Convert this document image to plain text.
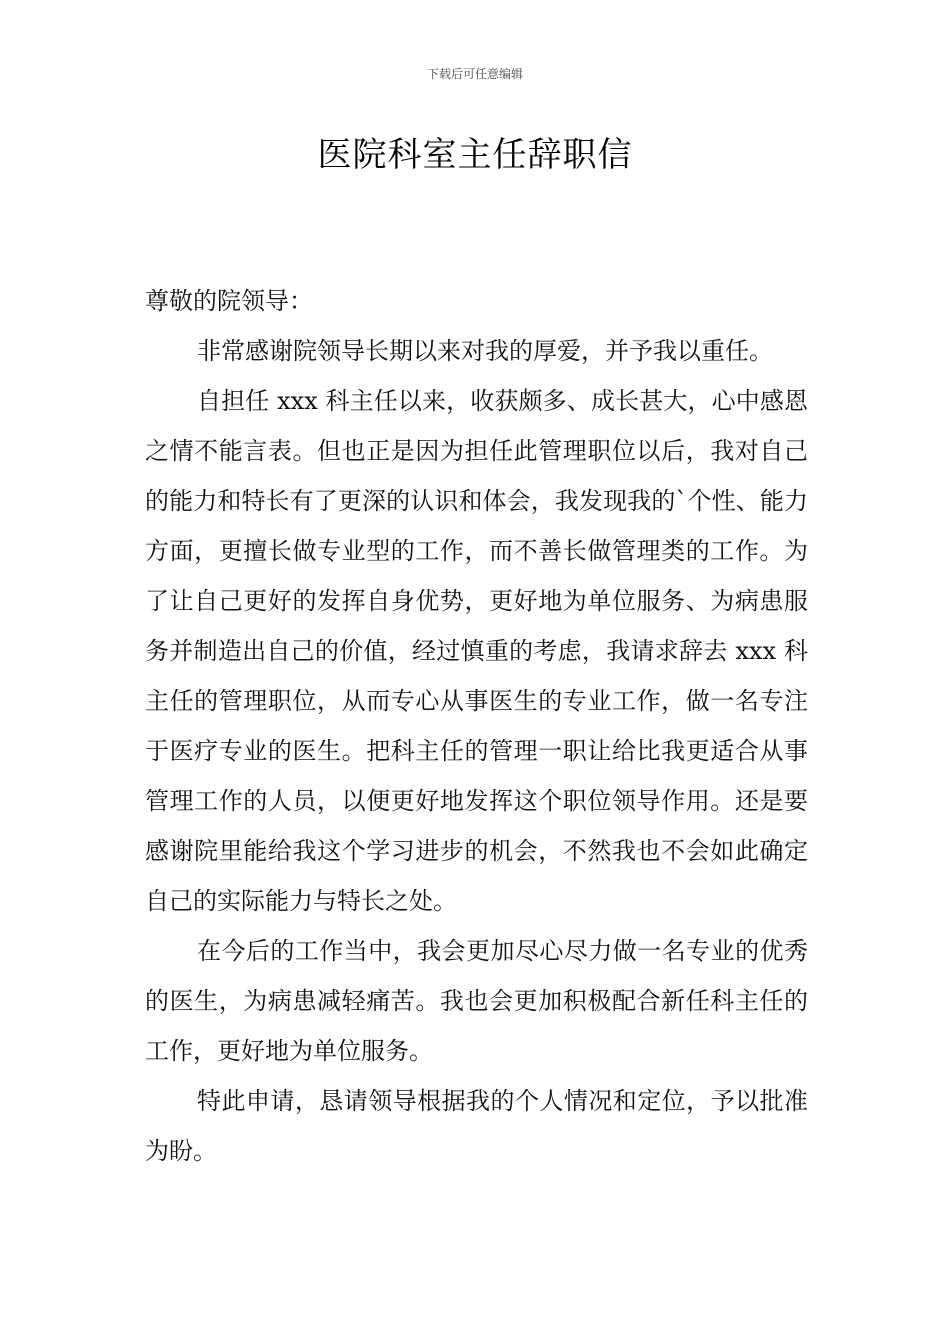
下载后可任意编辑
医院科室主任辞职信

尊敬的院领导：

非常感谢院领导长期以来对我的厚爱，并予我以重任。

自担任 xxx 科主任以来，收获颇多、成长甚大，心中感恩之情不能言表。但也正是因为担任此管理职位以后，我对自己的能力和特长有了更深的认识和体会，我发现我的`个性、能力方面，更擅长做专业型的工作，而不善长做管理类的工作。为了让自己更好的发挥自身优势，更好地为单位服务、为病患服务并制造出自己的价值，经过慎重的考虑，我请求辞去 xxx 科主任的管理职位，从而专心从事医生的专业工作，做一名专注于医疗专业的医生。把科主任的管理一职让给比我更适合从事管理工作的人员，以便更好地发挥这个职位领导作用。还是要感谢院里能给我这个学习进步的机会，不然我也不会如此确定自己的实际能力与特长之处。

在今后的工作当中，我会更加尽心尽力做一名专业的优秀的医生，为病患减轻痛苦。我也会更加积极配合新任科主任的工作，更好地为单位服务。

特此申请，恳请领导根据我的个人情况和定位，予以批准为盼。
